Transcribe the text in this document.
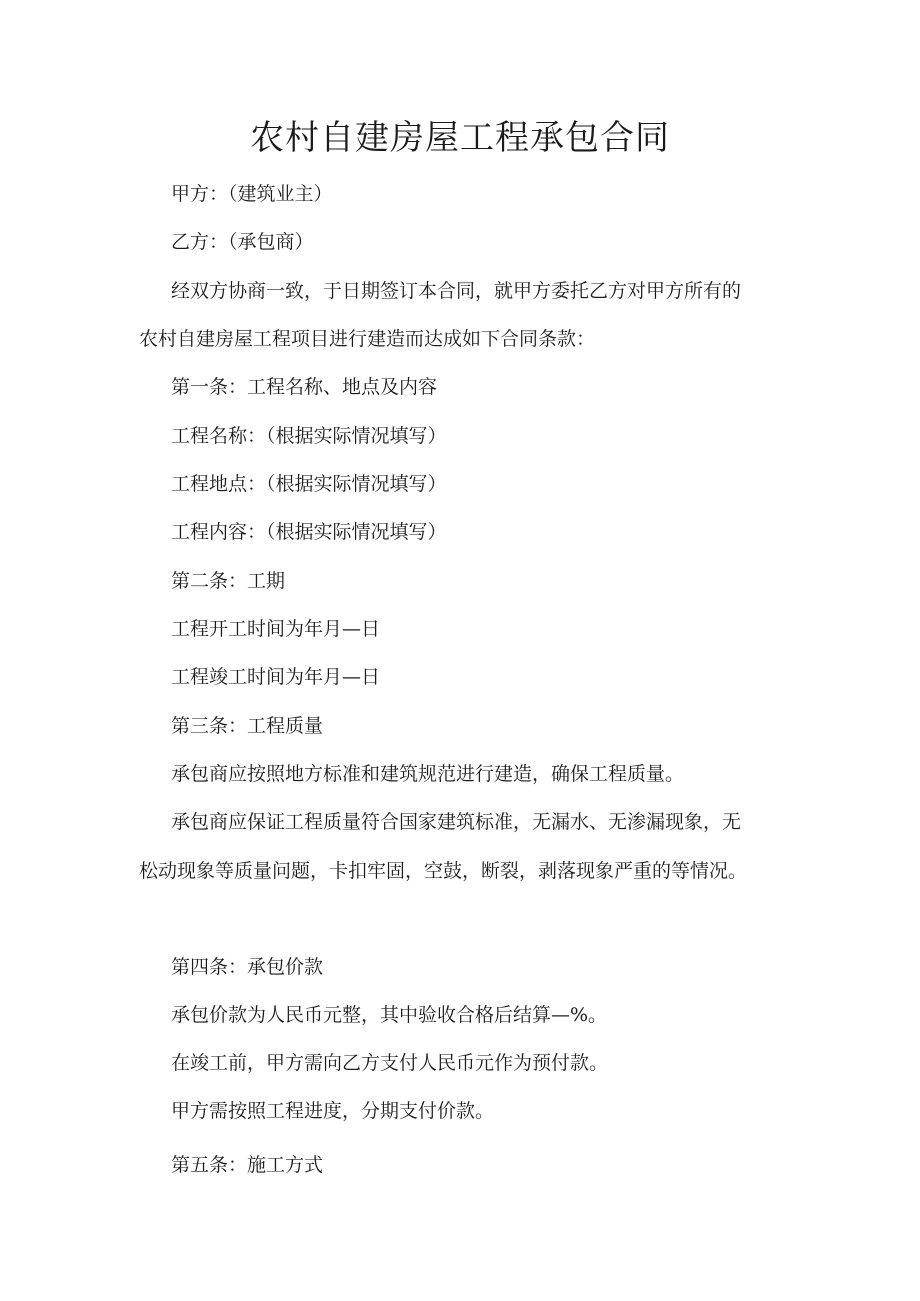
农村自建房屋工程承包合同
甲方：（建筑业主）
乙方：（承包商）
经双方协商一致，于日期签订本合同，就甲方委托乙方对甲方所有的
农村自建房屋工程项目进行建造而达成如下合同条款：
第一条：工程名称、地点及内容
工程名称：（根据实际情况填写）
工程地点：（根据实际情况填写）
工程内容：（根据实际情况填写）
第二条：工期
工程开工时间为年月—日
工程竣工时间为年月—日
第三条：工程质量
承包商应按照地方标准和建筑规范进行建造，确保工程质量。
承包商应保证工程质量符合国家建筑标准，无漏水、无渗漏现象，无
松动现象等质量问题，卡扣牢固，空鼓，断裂，剥落现象严重的等情况。
第四条：承包价款
承包价款为人民币元整，其中验收合格后结算—%。
在竣工前，甲方需向乙方支付人民币元作为预付款。
甲方需按照工程进度，分期支付价款。
第五条：施工方式
